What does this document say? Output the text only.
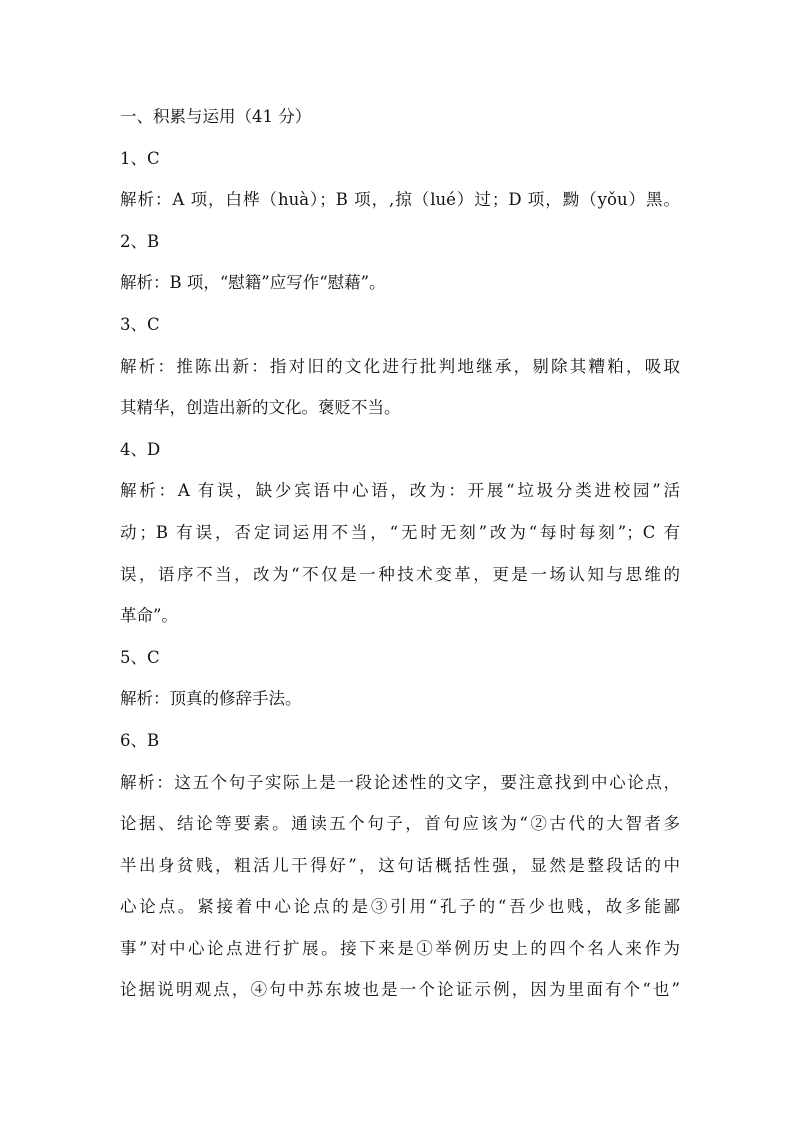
一、积累与运用（41 分）
1、C
解析：A 项，白桦（huà）；B 项，,掠（lué）过；D 项，黝（yǒu）黑。
2、B
解析：B 项，“慰籍”应写作“慰藉”。
3、C
解析：推陈出新：指对旧的文化进行批判地继承，剔除其糟粕，吸取
其精华，创造出新的文化。褒贬不当。
4、D
解析：A 有误，缺少宾语中心语，改为：开展“垃圾分类进校园”活
动；B 有误，否定词运用不当，“无时无刻”改为“每时每刻”；C 有
误，语序不当，改为“不仅是一种技术变革，更是一场认知与思维的
革命”。
5、C
解析：顶真的修辞手法。
6、B
解析：这五个句子实际上是一段论述性的文字，要注意找到中心论点，
论据、结论等要素。通读五个句子，首句应该为“②古代的大智者多
半出身贫贱，粗活儿干得好”，这句话概括性强，显然是整段话的中
心论点。紧接着中心论点的是③引用“孔子的“吾少也贱，故多能鄙
事”对中心论点进行扩展。接下来是①举例历史上的四个名人来作为
论据说明观点，④句中苏东坡也是一个论证示例，因为里面有个“也”
